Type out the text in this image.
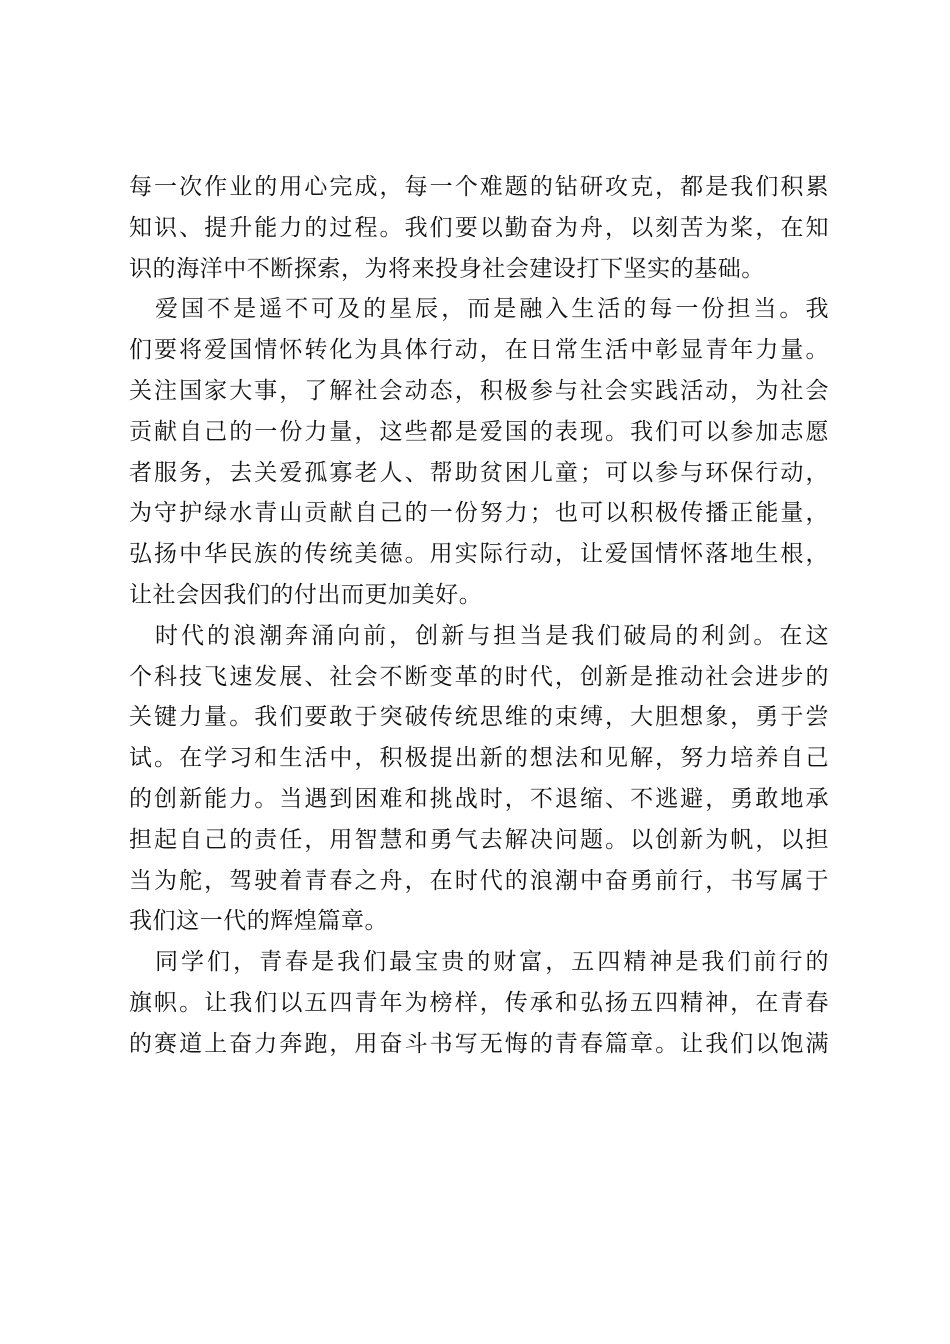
每一次作业的用心完成，每一个难题的钻研攻克，都是我们积累
知识、提升能力的过程。我们要以勤奋为舟，以刻苦为桨，在知
识的海洋中不断探索，为将来投身社会建设打下坚实的基础。
　爱国不是遥不可及的星辰，而是融入生活的每一份担当。我
们要将爱国情怀转化为具体行动，在日常生活中彰显青年力量。
关注国家大事，了解社会动态，积极参与社会实践活动，为社会
贡献自己的一份力量，这些都是爱国的表现。我们可以参加志愿
者服务，去关爱孤寡老人、帮助贫困儿童；可以参与环保行动，
为守护绿水青山贡献自己的一份努力；也可以积极传播正能量，
弘扬中华民族的传统美德。用实际行动，让爱国情怀落地生根，
让社会因我们的付出而更加美好。
　时代的浪潮奔涌向前，创新与担当是我们破局的利剑。在这
个科技飞速发展、社会不断变革的时代，创新是推动社会进步的
关键力量。我们要敢于突破传统思维的束缚，大胆想象，勇于尝
试。在学习和生活中，积极提出新的想法和见解，努力培养自己
的创新能力。当遇到困难和挑战时，不退缩、不逃避，勇敢地承
担起自己的责任，用智慧和勇气去解决问题。以创新为帆，以担
当为舵，驾驶着青春之舟，在时代的浪潮中奋勇前行，书写属于
我们这一代的辉煌篇章。
　同学们，青春是我们最宝贵的财富，五四精神是我们前行的
旗帜。让我们以五四青年为榜样，传承和弘扬五四精神，在青春
的赛道上奋力奔跑，用奋斗书写无悔的青春篇章。让我们以饱满
